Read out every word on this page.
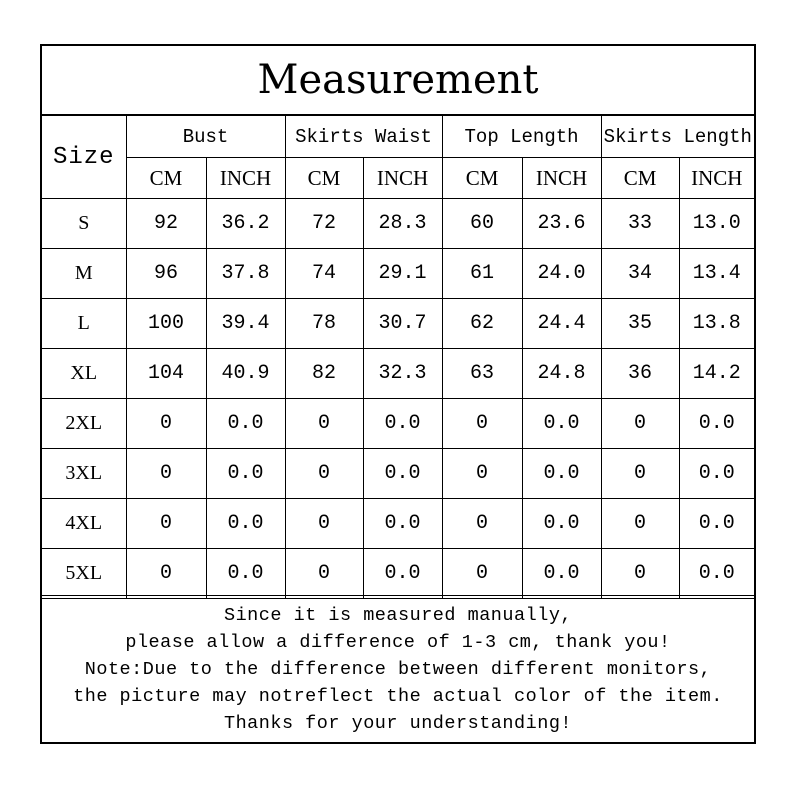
Measurement
Size	Bust		Skirts Waist		Top Length		Skirts Length	
	CM	INCH	CM	INCH	CM	INCH	CM	INCH
S	92	36.2	72	28.3	60	23.6	33	13.0
M	96	37.8	74	29.1	61	24.0	34	13.4
L	100	39.4	78	30.7	62	24.4	35	13.8
XL	104	40.9	82	32.3	63	24.8	36	14.2
2XL	0	0.0	0	0.0	0	0.0	0	0.0
3XL	0	0.0	0	0.0	0	0.0	0	0.0
4XL	0	0.0	0	0.0	0	0.0	0	0.0
5XL	0	0.0	0	0.0	0	0.0	0	0.0
Since it is measured manually,
please allow a difference of 1-3 cm, thank you!
Note:Due to the difference between different monitors,
the picture may notreflect the actual color of the item.
Thanks for your understanding!
